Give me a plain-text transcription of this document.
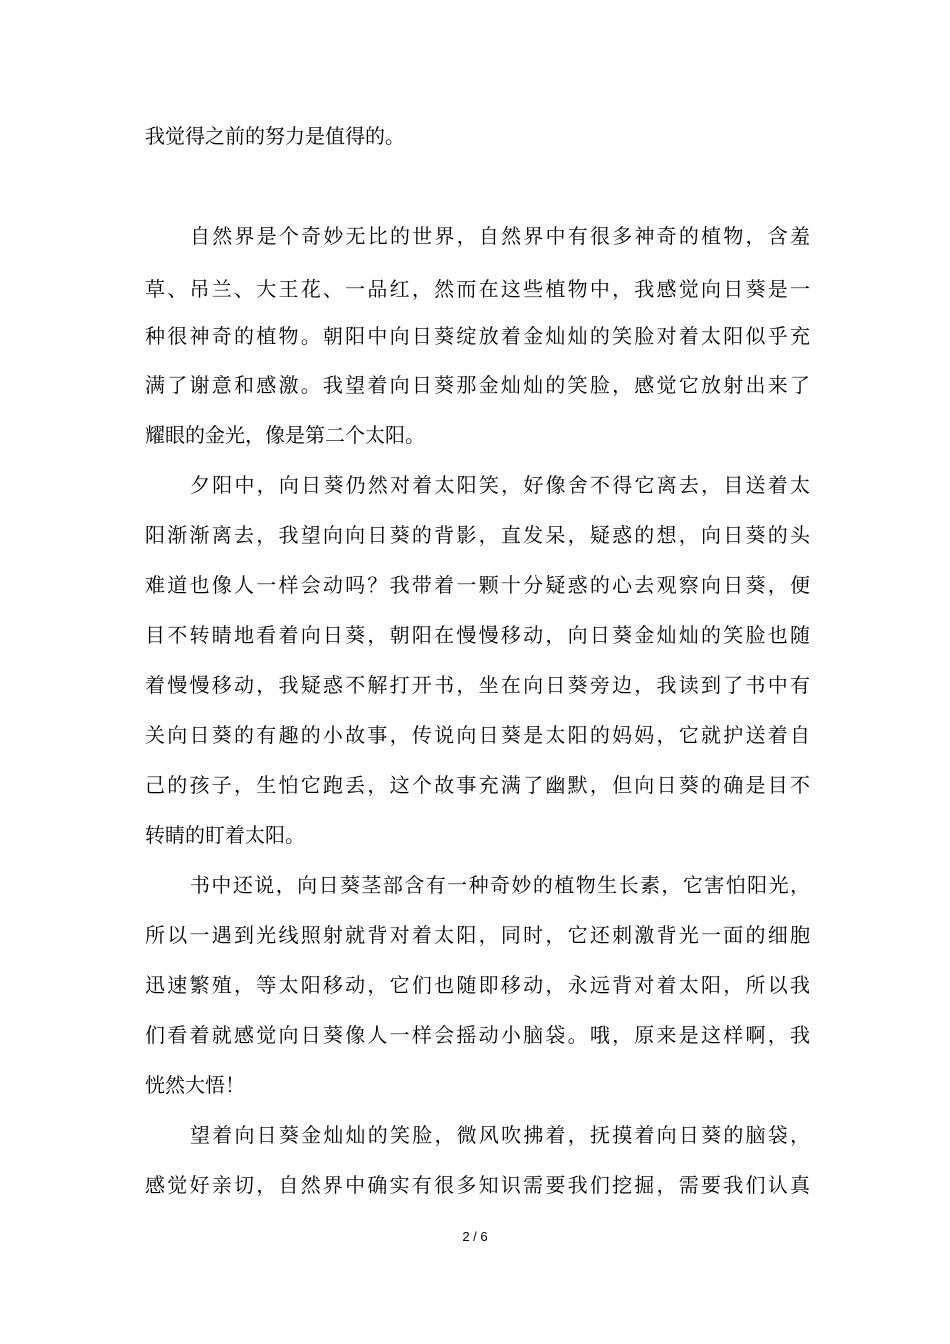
我觉得之前的努力是值得的。
自然界是个奇妙无比的世界，自然界中有很多神奇的植物，含羞
草、吊兰、大王花、一品红，然而在这些植物中，我感觉向日葵是一
种很神奇的植物。朝阳中向日葵绽放着金灿灿的笑脸对着太阳似乎充
满了谢意和感激。我望着向日葵那金灿灿的笑脸，感觉它放射出来了
耀眼的金光，像是第二个太阳。
夕阳中，向日葵仍然对着太阳笑，好像舍不得它离去，目送着太
阳渐渐离去，我望向向日葵的背影，直发呆，疑惑的想，向日葵的头
难道也像人一样会动吗？我带着一颗十分疑惑的心去观察向日葵，便
目不转睛地看着向日葵，朝阳在慢慢移动，向日葵金灿灿的笑脸也随
着慢慢移动，我疑惑不解打开书，坐在向日葵旁边，我读到了书中有
关向日葵的有趣的小故事，传说向日葵是太阳的妈妈，它就护送着自
己的孩子，生怕它跑丢，这个故事充满了幽默，但向日葵的确是目不
转睛的盯着太阳。
书中还说，向日葵茎部含有一种奇妙的植物生长素，它害怕阳光，
所以一遇到光线照射就背对着太阳，同时，它还刺激背光一面的细胞
迅速繁殖，等太阳移动，它们也随即移动，永远背对着太阳，所以我
们看着就感觉向日葵像人一样会摇动小脑袋。哦，原来是这样啊，我
恍然大悟！
望着向日葵金灿灿的笑脸，微风吹拂着，抚摸着向日葵的脑袋，
感觉好亲切，自然界中确实有很多知识需要我们挖掘，需要我们认真
2 / 6
